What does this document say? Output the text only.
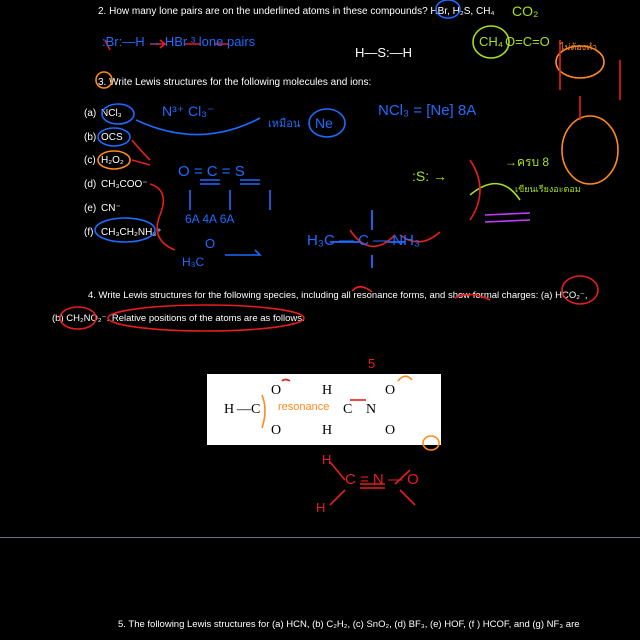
2. How many lone pairs are on the underlined atoms in these compounds? HBr, H₂S, CH₄
3. Write Lewis structures for the following molecules and ions:
(a) NCl₃
(b) OCS
(c) H₂O₂
(d) CH₃COO⁻
(e) CN⁻
(f) CH₃CH₂NH₃⁺
4. Write Lewis structures for the following species, including all resonance forms, and show formal charges: (a) HCO₂⁻,
(b) CH₂NO₂⁻. Relative positions of the atoms are as follows:
H — C
O
O
H
H
C N
O
O
5. The following Lewis structures for (a) HCN, (b) C₂H₂, (c) SnO₂, (d) BF₃, (e) HOF, (f ) HCOF, and (g) NF₃ are
:Br:—H → HBr ³ lone pairs
H—S:—H
CH₄
CO₂
O=C=O
N³⁺ Cl₃⁻
Ne
NCl₃ = [Ne] 8A
เหมือน
O = C = S
6A 4A 6A
H₃C — C — NH₃
H₃C
O
:S: →
→ครบ 8
resonance
ไม่ต้องทำ
เขียนเรียงอะตอม
H
H
C = N — O
5
